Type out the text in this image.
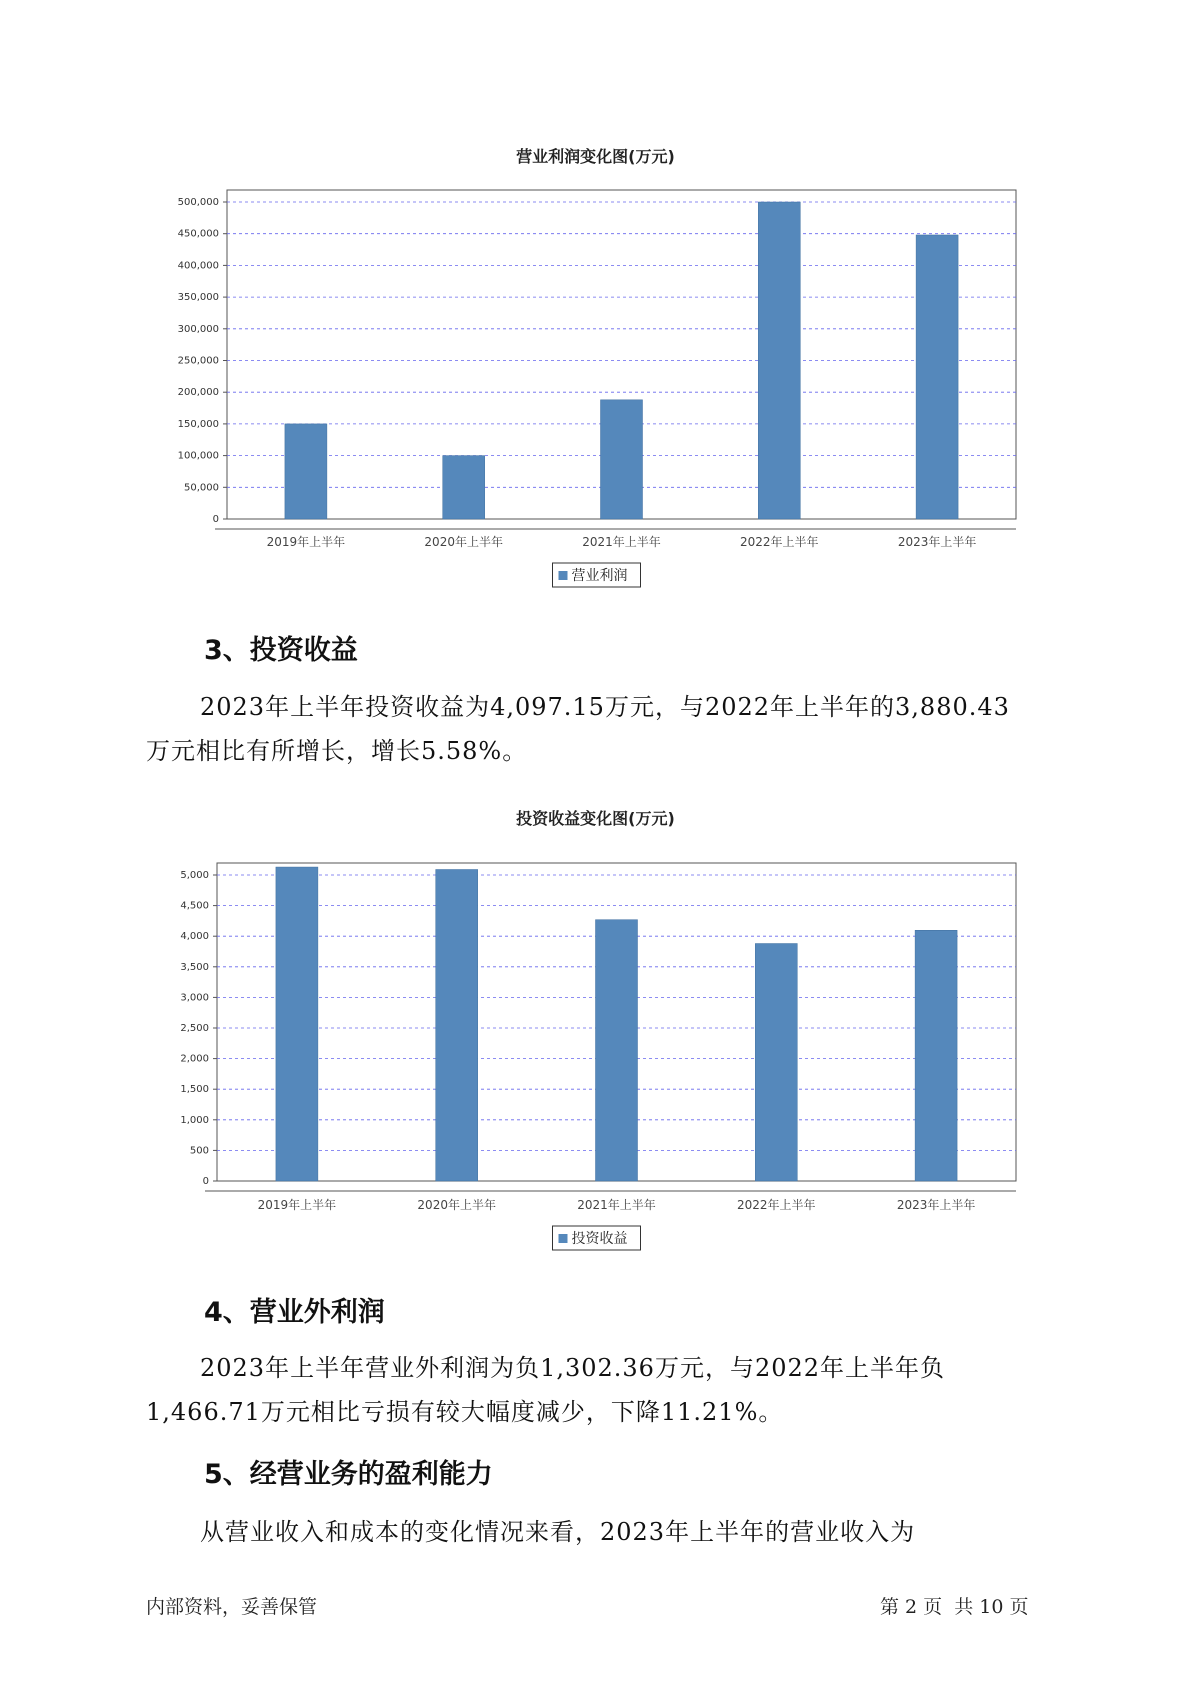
营业利润变化图(万元)
0
50,000
100,000
150,000
200,000
250,000
300,000
350,000
400,000
450,000
500,000
2019年上半年	2020年上半年	2021年上半年	2022年上半年	2023年上半年
营业利润
3、投资收益
2023年上半年投资收益为4,097.15万元，与2022年上半年的3,880.43
万元相比有所增长，增长5.58%。
投资收益变化图(万元)
0
500
1,000
1,500
2,000
2,500
3,000
3,500
4,000
4,500
5,000
2019年上半年	2020年上半年	2021年上半年	2022年上半年	2023年上半年
投资收益
4、营业外利润
2023年上半年营业外利润为负1,302.36万元，与2022年上半年负
1,466.71万元相比亏损有较大幅度减少，下降11.21%。
5、经营业务的盈利能力
从营业收入和成本的变化情况来看，2023年上半年的营业收入为
内部资料，妥善保管	第 2 页  共 10 页
